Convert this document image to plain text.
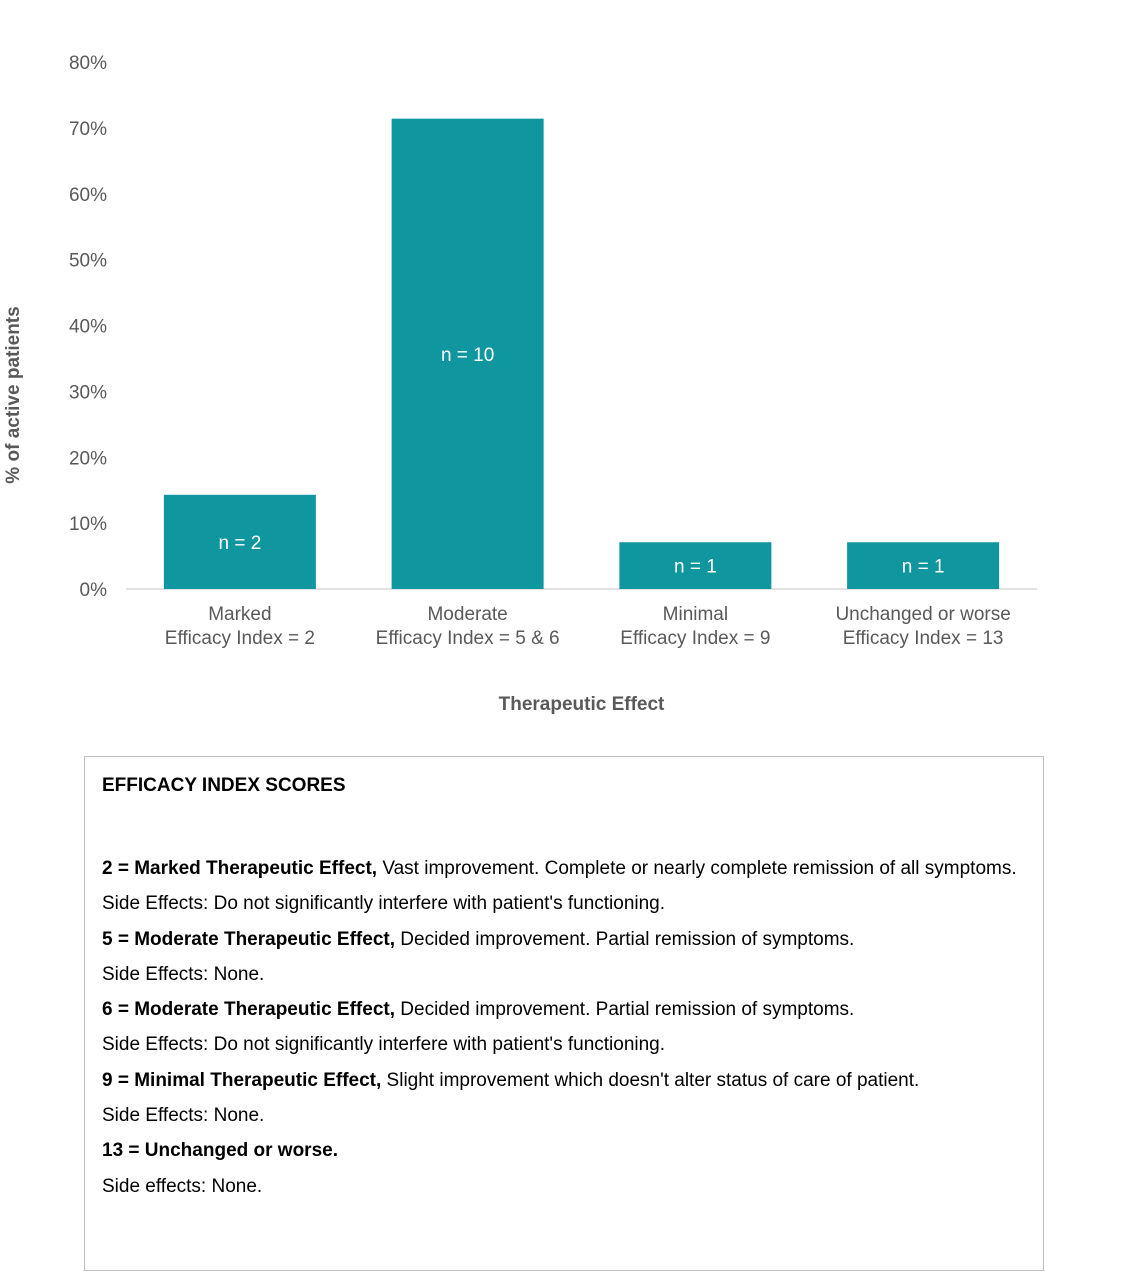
0%
10%
20%
30%
40%
50%
60%
70%
80%
n = 2
n = 10
n = 1	n = 1
Marked
Efficacy Index = 2
Moderate
Efficacy Index = 5 & 6
Minimal
Efficacy Index = 9
Unchanged or worse
Efficacy Index = 13
Therapeutic Effect
% of active patients
EFFICACY INDEX SCORES
2 = Marked Therapeutic Effect, Vast improvement. Complete or nearly complete remission of all symptoms.
Side Effects: Do not significantly interfere with patient's functioning.
5 = Moderate Therapeutic Effect, Decided improvement. Partial remission of symptoms.
Side Effects: None.
6 = Moderate Therapeutic Effect, Decided improvement. Partial remission of symptoms.
Side Effects: Do not significantly interfere with patient's functioning.
9 = Minimal Therapeutic Effect, Slight improvement which doesn't alter status of care of patient.
Side Effects: None.
13 = Unchanged or worse.
Side effects: None.
